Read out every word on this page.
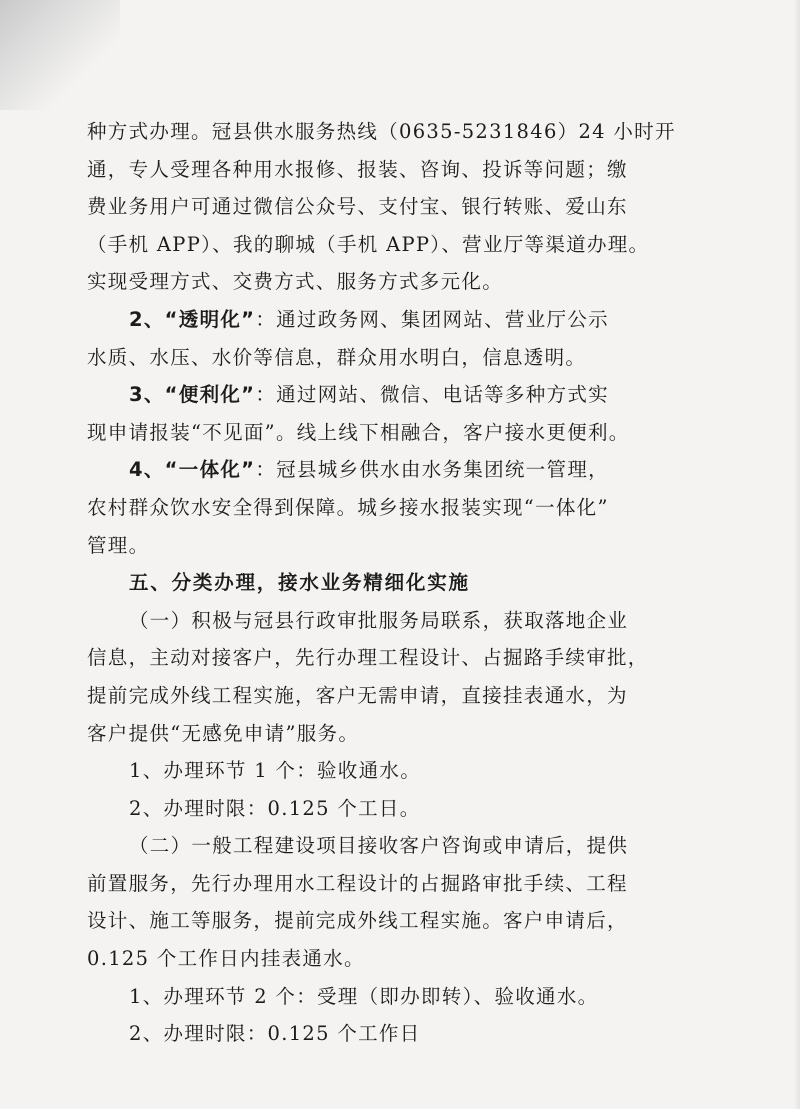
种方式办理。冠县供水服务热线（0635-5231846）24 小时开
通，专人受理各种用水报修、报装、咨询、投诉等问题；缴
费业务用户可通过微信公众号、支付宝、银行转账、爱山东
（手机 APP）、我的聊城（手机 APP）、营业厅等渠道办理。
实现受理方式、交费方式、服务方式多元化。
2、“透明化”：通过政务网、集团网站、营业厅公示
水质、水压、水价等信息，群众用水明白，信息透明。
3、“便利化”：通过网站、微信、电话等多种方式实
现申请报装“不见面”。线上线下相融合，客户接水更便利。
4、“一体化”：冠县城乡供水由水务集团统一管理，
农村群众饮水安全得到保障。城乡接水报装实现“一体化”
管理。
五、分类办理，接水业务精细化实施
（一）积极与冠县行政审批服务局联系，获取落地企业
信息，主动对接客户，先行办理工程设计、占掘路手续审批，
提前完成外线工程实施，客户无需申请，直接挂表通水，为
客户提供“无感免申请”服务。
1、办理环节 1 个：验收通水。
2、办理时限：0.125 个工日。
（二）一般工程建设项目接收客户咨询或申请后，提供
前置服务，先行办理用水工程设计的占掘路审批手续、工程
设计、施工等服务，提前完成外线工程实施。客户申请后，
0.125 个工作日内挂表通水。
1、办理环节 2 个：受理（即办即转）、验收通水。
2、办理时限：0.125 个工作日
